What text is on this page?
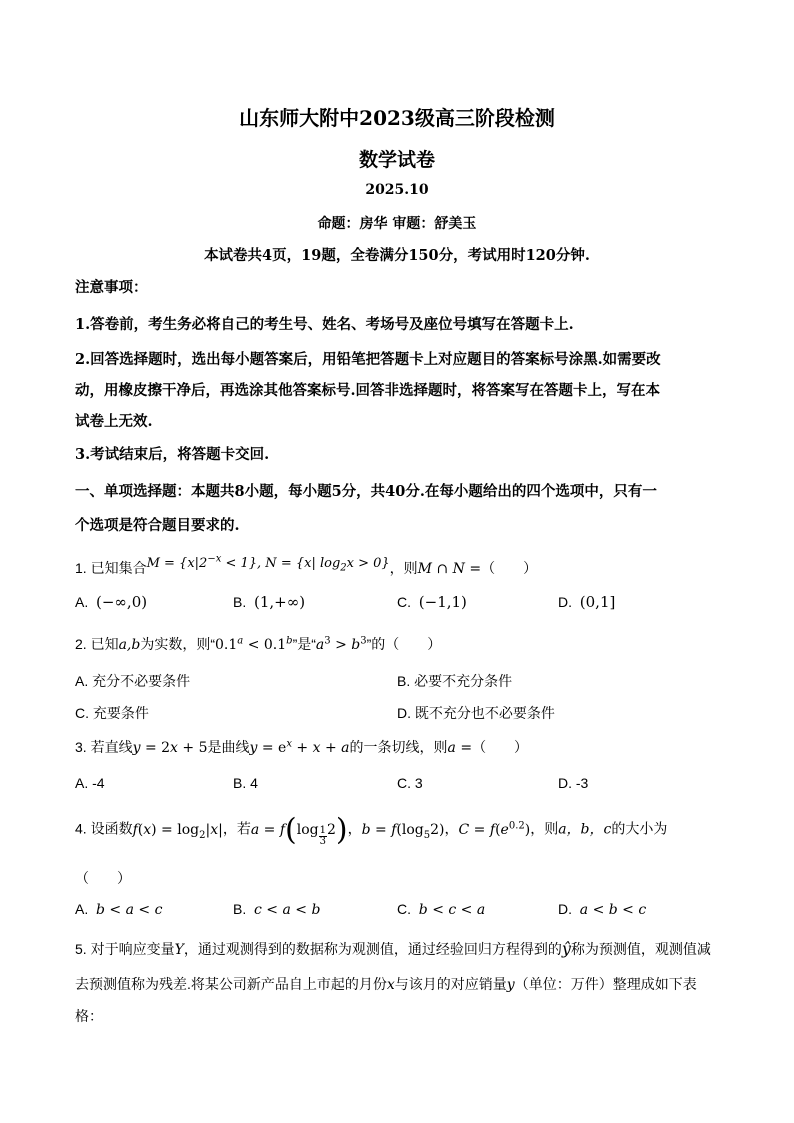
山东师大附中2023级高三阶段检测
数学试卷
2025.10
命题：房华 审题：舒美玉
本试卷共4页，19题，全卷满分150分，考试用时120分钟.
注意事项：
1.答卷前，考生务必将自己的考生号、姓名、考场号及座位号填写在答题卡上.
2.回答选择题时，选出每小题答案后，用铅笔把答题卡上对应题目的答案标号涂黑.如需要改
动，用橡皮擦干净后，再选涂其他答案标号.回答非选择题时，将答案写在答题卡上，写在本
试卷上无效.
3.考试结束后，将答题卡交回.
一、单项选择题：本题共8小题，每小题5分，共40分.在每小题给出的四个选项中，只有一
个选项是符合题目要求的.
1. 已知集合$M = \{x|2^{-x} < 1\}$, N = {x| $\log_2x > 0$}，则M ∩ N =（　　）
A. (−∞,0)	B. (1,+∞)	C. (−1,1)	D. (0,1]
2. 已知a,b为实数，则“0.1$^a$ < 0.1$^b$”是“$a^3 > b^3$”的（　　）
A. 充分不必要条件	B. 必要不充分条件
C. 充要条件	D. 既不充分也不必要条件
3. 若直线y = 2x + 5是曲线$y = e^x + x + a$的一条切线，则a =（　　）
A. -4	B. 4	C. 3	D. -3
4. 设函数$f(x) = \log_2|x|$，若$a = f(\log \frac{1}{3} 2)$，$b = f(\log_52)$，$C = f(e^{0.2})$，则a，b，c的大小为
（　　）
A. b < a < c	B. c < a < b	C. b < c < a	D. a < b < c
5. 对于响应变量Y，通过观测得到的数据称为观测值，通过经验回归方程得到的ŷ称为预测值，观测值减
去预测值称为残差.将某公司新产品自上市起的月份x与该月的对应销量y（单位：万件）整理成如下表
格：
